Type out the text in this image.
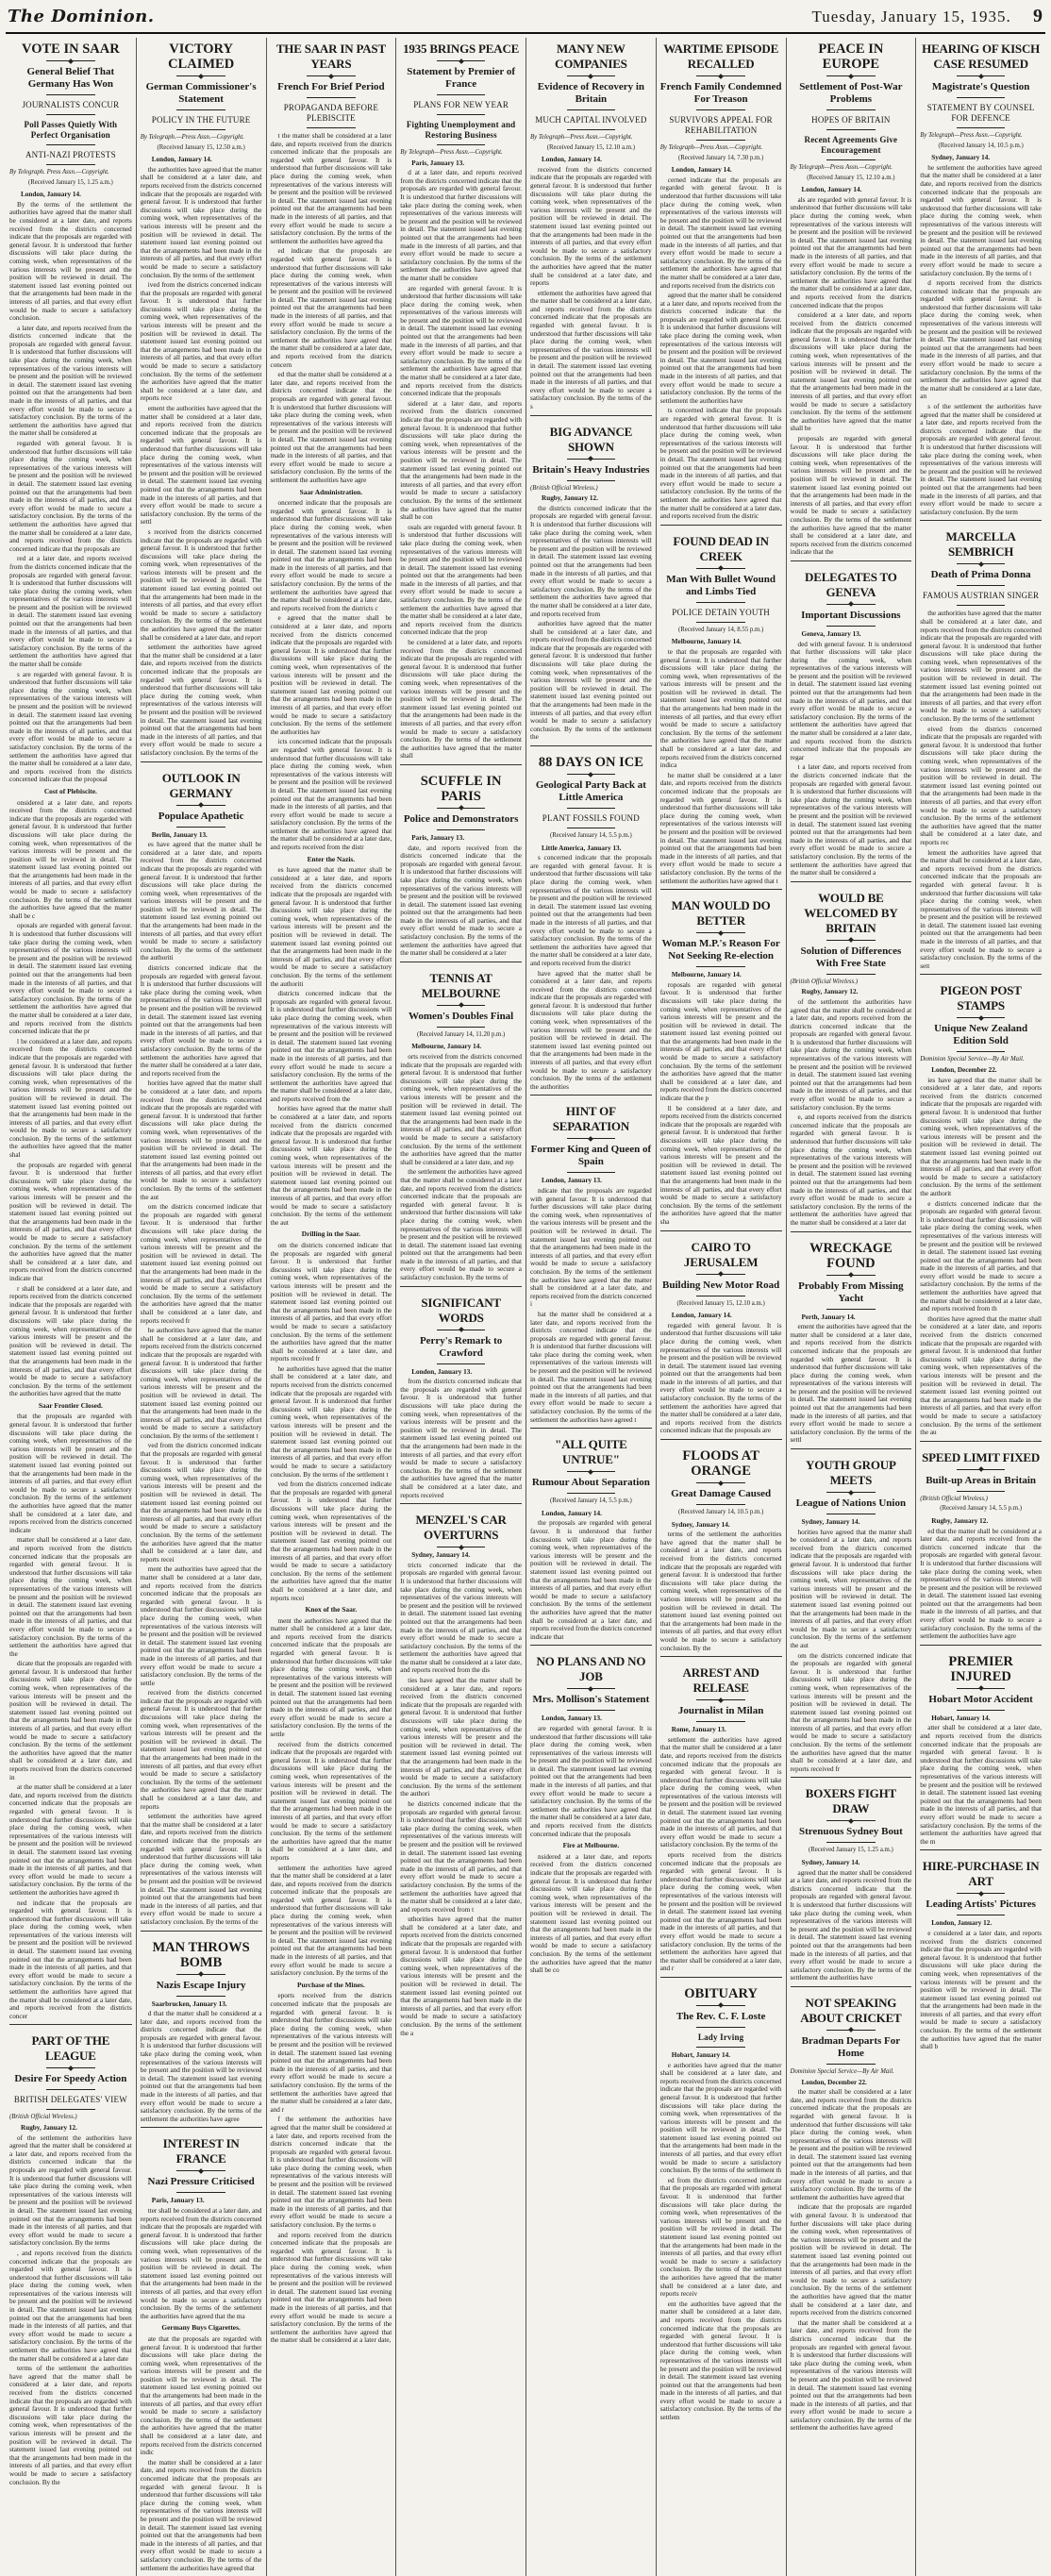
The Dominion.	Tuesday, January 15, 1935. 9
VOTE IN SAAR
General Belief That Germany Has Won
JOURNALISTS CONCUR
Poll Passes Quietly With Perfect Organisation
ANTI-NAZI PROTESTS
By Telegraph. Press Assn.—Copyright.
(Received January 15, 1.25 a.m.)
London, January 14.

By the terms of the settlement the authorities have agreed that the matter shall be considered at a later date, and reports received from the districts concerned indicate that the proposals are regarded with general favour. It is understood that further discussions will take place during the coming week, when representatives of the various interests will be present and the position will be reviewed in detail. The statement issued last evening pointed out that the arrangements had been made in the interests of all parties, and that every effort would be made to secure a satisfactory conclusion.

a later date, and reports received from the districts concerned indicate that the proposals are regarded with general favour. It is understood that further discussions will take place during the coming week, when representatives of the various interests will be present and the position will be reviewed in detail. The statement issued last evening pointed out that the arrangements had been made in the interests of all parties, and that every effort would be made to secure a satisfactory conclusion. By the terms of the settlement the authorities have agreed that the matter shall be considered at

regarded with general favour. It is understood that further discussions will take place during the coming week, when representatives of the various interests will be present and the position will be reviewed in detail. The statement issued last evening pointed out that the arrangements had been made in the interests of all parties, and that every effort would be made to secure a satisfactory conclusion. By the terms of the settlement the authorities have agreed that the matter shall be considered at a later date, and reports received from the districts concerned indicate that the proposals are

red at a later date, and reports received from the districts concerned indicate that the proposals are regarded with general favour. It is understood that further discussions will take place during the coming week, when representatives of the various interests will be present and the position will be reviewed in detail. The statement issued last evening pointed out that the arrangements had been made in the interests of all parties, and that every effort would be made to secure a satisfactory conclusion. By the terms of the settlement the authorities have agreed that the matter shall be conside

s are regarded with general favour. It is understood that further discussions will take place during the coming week, when representatives of the various interests will be present and the position will be reviewed in detail. The statement issued last evening pointed out that the arrangements had been made in the interests of all parties, and that every effort would be made to secure a satisfactory conclusion. By the terms of the settlement the authorities have agreed that the matter shall be considered at a later date, and reports received from the districts concerned indicate that the proposal

Cost of Plebiscite.

onsidered at a later date, and reports received from the districts concerned indicate that the proposals are regarded with general favour. It is understood that further discussions will take place during the coming week, when representatives of the various interests will be present and the position will be reviewed in detail. The statement issued last evening pointed out that the arrangements had been made in the interests of all parties, and that every effort would be made to secure a satisfactory conclusion. By the terms of the settlement the authorities have agreed that the matter shall be c

oposals are regarded with general favour. It is understood that further discussions will take place during the coming week, when representatives of the various interests will be present and the position will be reviewed in detail. The statement issued last evening pointed out that the arrangements had been made in the interests of all parties, and that every effort would be made to secure a satisfactory conclusion. By the terms of the settlement the authorities have agreed that the matter shall be considered at a later date, and reports received from the districts concerned indicate that the pr

l be considered at a later date, and reports received from the districts concerned indicate that the proposals are regarded with general favour. It is understood that further discussions will take place during the coming week, when representatives of the various interests will be present and the position will be reviewed in detail. The statement issued last evening pointed out that the arrangements had been made in the interests of all parties, and that every effort would be made to secure a satisfactory conclusion. By the terms of the settlement the authorities have agreed that the matter shal

the proposals are regarded with general favour. It is understood that further discussions will take place during the coming week, when representatives of the various interests will be present and the position will be reviewed in detail. The statement issued last evening pointed out that the arrangements had been made in the interests of all parties, and that every effort would be made to secure a satisfactory conclusion. By the terms of the settlement the authorities have agreed that the matter shall be considered at a later date, and reports received from the districts concerned indicate that

r shall be considered at a later date, and reports received from the districts concerned indicate that the proposals are regarded with general favour. It is understood that further discussions will take place during the coming week, when representatives of the various interests will be present and the position will be reviewed in detail. The statement issued last evening pointed out that the arrangements had been made in the interests of all parties, and that every effort would be made to secure a satisfactory conclusion. By the terms of the settlement the authorities have agreed that the matte

Saar Frontier Closed.

that the proposals are regarded with general favour. It is understood that further discussions will take place during the coming week, when representatives of the various interests will be present and the position will be reviewed in detail. The statement issued last evening pointed out that the arrangements had been made in the interests of all parties, and that every effort would be made to secure a satisfactory conclusion. By the terms of the settlement the authorities have agreed that the matter shall be considered at a later date, and reports received from the districts concerned indicate

matter shall be considered at a later date, and reports received from the districts concerned indicate that the proposals are regarded with general favour. It is understood that further discussions will take place during the coming week, when representatives of the various interests will be present and the position will be reviewed in detail. The statement issued last evening pointed out that the arrangements had been made in the interests of all parties, and that every effort would be made to secure a satisfactory conclusion. By the terms of the settlement the authorities have agreed that the

dicate that the proposals are regarded with general favour. It is understood that further discussions will take place during the coming week, when representatives of the various interests will be present and the position will be reviewed in detail. The statement issued last evening pointed out that the arrangements had been made in the interests of all parties, and that every effort would be made to secure a satisfactory conclusion. By the terms of the settlement the authorities have agreed that the matter shall be considered at a later date, and reports received from the districts concerned in

at the matter shall be considered at a later date, and reports received from the districts concerned indicate that the proposals are regarded with general favour. It is understood that further discussions will take place during the coming week, when representatives of the various interests will be present and the position will be reviewed in detail. The statement issued last evening pointed out that the arrangements had been made in the interests of all parties, and that every effort would be made to secure a satisfactory conclusion. By the terms of the settlement the authorities have agreed th

ned indicate that the proposals are regarded with general favour. It is understood that further discussions will take place during the coming week, when representatives of the various interests will be present and the position will be reviewed in detail. The statement issued last evening pointed out that the arrangements had been made in the interests of all parties, and that every effort would be made to secure a satisfactory conclusion. By the terms of the settlement the authorities have agreed that the matter shall be considered at a later date, and reports received from the districts concer

PART OF THE LEAGUE
Desire For Speedy Action
BRITISH DELEGATES' VIEW
(British Official Wireless.)
Rugby, January 12.

of the settlement the authorities have agreed that the matter shall be considered at a later date, and reports received from the districts concerned indicate that the proposals are regarded with general favour. It is understood that further discussions will take place during the coming week, when representatives of the various interests will be present and the position will be reviewed in detail. The statement issued last evening pointed out that the arrangements had been made in the interests of all parties, and that every effort would be made to secure a satisfactory conclusion. By the terms

, and reports received from the districts concerned indicate that the proposals are regarded with general favour. It is understood that further discussions will take place during the coming week, when representatives of the various interests will be present and the position will be reviewed in detail. The statement issued last evening pointed out that the arrangements had been made in the interests of all parties, and that every effort would be made to secure a satisfactory conclusion. By the terms of the settlement the authorities have agreed that the matter shall be considered at a later date

terms of the settlement the authorities have agreed that the matter shall be considered at a later date, and reports received from the districts concerned indicate that the proposals are regarded with general favour. It is understood that further discussions will take place during the coming week, when representatives of the various interests will be present and the position will be reviewed in detail. The statement issued last evening pointed out that the arrangements had been made in the interests of all parties, and that every effort would be made to secure a satisfactory conclusion. By the

VICTORY CLAIMED
German Commissioner's Statement
POLICY IN THE FUTURE
By Telegraph.—Press Assn.—Copyright.
(Received January 15, 12.50 a.m.)
London, January 14.

the authorities have agreed that the matter shall be considered at a later date, and reports received from the districts concerned indicate that the proposals are regarded with general favour. It is understood that further discussions will take place during the coming week, when representatives of the various interests will be present and the position will be reviewed in detail. The statement issued last evening pointed out that the arrangements had been made in the interests of all parties, and that every effort would be made to secure a satisfactory conclusion. By the terms of the settlement

ived from the districts concerned indicate that the proposals are regarded with general favour. It is understood that further discussions will take place during the coming week, when representatives of the various interests will be present and the position will be reviewed in detail. The statement issued last evening pointed out that the arrangements had been made in the interests of all parties, and that every effort would be made to secure a satisfactory conclusion. By the terms of the settlement the authorities have agreed that the matter shall be considered at a later date, and reports rece

ement the authorities have agreed that the matter shall be considered at a later date, and reports received from the districts concerned indicate that the proposals are regarded with general favour. It is understood that further discussions will take place during the coming week, when representatives of the various interests will be present and the position will be reviewed in detail. The statement issued last evening pointed out that the arrangements had been made in the interests of all parties, and that every effort would be made to secure a satisfactory conclusion. By the terms of the settl

s received from the districts concerned indicate that the proposals are regarded with general favour. It is understood that further discussions will take place during the coming week, when representatives of the various interests will be present and the position will be reviewed in detail. The statement issued last evening pointed out that the arrangements had been made in the interests of all parties, and that every effort would be made to secure a satisfactory conclusion. By the terms of the settlement the authorities have agreed that the matter shall be considered at a later date, and report

settlement the authorities have agreed that the matter shall be considered at a later date, and reports received from the districts concerned indicate that the proposals are regarded with general favour. It is understood that further discussions will take place during the coming week, when representatives of the various interests will be present and the position will be reviewed in detail. The statement issued last evening pointed out that the arrangements had been made in the interests of all parties, and that every effort would be made to secure a satisfactory conclusion. By the terms of the

OUTLOOK IN GERMANY
Populace Apathetic
Berlin, January 13.

es have agreed that the matter shall be considered at a later date, and reports received from the districts concerned indicate that the proposals are regarded with general favour. It is understood that further discussions will take place during the coming week, when representatives of the various interests will be present and the position will be reviewed in detail. The statement issued last evening pointed out that the arrangements had been made in the interests of all parties, and that every effort would be made to secure a satisfactory conclusion. By the terms of the settlement the authoriti

districts concerned indicate that the proposals are regarded with general favour. It is understood that further discussions will take place during the coming week, when representatives of the various interests will be present and the position will be reviewed in detail. The statement issued last evening pointed out that the arrangements had been made in the interests of all parties, and that every effort would be made to secure a satisfactory conclusion. By the terms of the settlement the authorities have agreed that the matter shall be considered at a later date, and reports received from the

horities have agreed that the matter shall be considered at a later date, and reports received from the districts concerned indicate that the proposals are regarded with general favour. It is understood that further discussions will take place during the coming week, when representatives of the various interests will be present and the position will be reviewed in detail. The statement issued last evening pointed out that the arrangements had been made in the interests of all parties, and that every effort would be made to secure a satisfactory conclusion. By the terms of the settlement the aut

om the districts concerned indicate that the proposals are regarded with general favour. It is understood that further discussions will take place during the coming week, when representatives of the various interests will be present and the position will be reviewed in detail. The statement issued last evening pointed out that the arrangements had been made in the interests of all parties, and that every effort would be made to secure a satisfactory conclusion. By the terms of the settlement the authorities have agreed that the matter shall be considered at a later date, and reports received fr

he authorities have agreed that the matter shall be considered at a later date, and reports received from the districts concerned indicate that the proposals are regarded with general favour. It is understood that further discussions will take place during the coming week, when representatives of the various interests will be present and the position will be reviewed in detail. The statement issued last evening pointed out that the arrangements had been made in the interests of all parties, and that every effort would be made to secure a satisfactory conclusion. By the terms of the settlement t

ved from the districts concerned indicate that the proposals are regarded with general favour. It is understood that further discussions will take place during the coming week, when representatives of the various interests will be present and the position will be reviewed in detail. The statement issued last evening pointed out that the arrangements had been made in the interests of all parties, and that every effort would be made to secure a satisfactory conclusion. By the terms of the settlement the authorities have agreed that the matter shall be considered at a later date, and reports recei

ment the authorities have agreed that the matter shall be considered at a later date, and reports received from the districts concerned indicate that the proposals are regarded with general favour. It is understood that further discussions will take place during the coming week, when representatives of the various interests will be present and the position will be reviewed in detail. The statement issued last evening pointed out that the arrangements had been made in the interests of all parties, and that every effort would be made to secure a satisfactory conclusion. By the terms of the settle

received from the districts concerned indicate that the proposals are regarded with general favour. It is understood that further discussions will take place during the coming week, when representatives of the various interests will be present and the position will be reviewed in detail. The statement issued last evening pointed out that the arrangements had been made in the interests of all parties, and that every effort would be made to secure a satisfactory conclusion. By the terms of the settlement the authorities have agreed that the matter shall be considered at a later date, and reports

settlement the authorities have agreed that the matter shall be considered at a later date, and reports received from the districts concerned indicate that the proposals are regarded with general favour. It is understood that further discussions will take place during the coming week, when representatives of the various interests will be present and the position will be reviewed in detail. The statement issued last evening pointed out that the arrangements had been made in the interests of all parties, and that every effort would be made to secure a satisfactory conclusion. By the terms of the

MAN THROWS BOMB
Nazis Escape Injury
Saarbrucken, January 13.

d that the matter shall be considered at a later date, and reports received from the districts concerned indicate that the proposals are regarded with general favour. It is understood that further discussions will take place during the coming week, when representatives of the various interests will be present and the position will be reviewed in detail. The statement issued last evening pointed out that the arrangements had been made in the interests of all parties, and that every effort would be made to secure a satisfactory conclusion. By the terms of the settlement the authorities have agree

INTEREST IN FRANCE
Nazi Pressure Criticised
Paris, January 13.

tter shall be considered at a later date, and reports received from the districts concerned indicate that the proposals are regarded with general favour. It is understood that further discussions will take place during the coming week, when representatives of the various interests will be present and the position will be reviewed in detail. The statement issued last evening pointed out that the arrangements had been made in the interests of all parties, and that every effort would be made to secure a satisfactory conclusion. By the terms of the settlement the authorities have agreed that the ma

Germany Buys Cigarettes.

ate that the proposals are regarded with general favour. It is understood that further discussions will take place during the coming week, when representatives of the various interests will be present and the position will be reviewed in detail. The statement issued last evening pointed out that the arrangements had been made in the interests of all parties, and that every effort would be made to secure a satisfactory conclusion. By the terms of the settlement the authorities have agreed that the matter shall be considered at a later date, and reports received from the districts concerned indic

the matter shall be considered at a later date, and reports received from the districts concerned indicate that the proposals are regarded with general favour. It is understood that further discussions will take place during the coming week, when representatives of the various interests will be present and the position will be reviewed in detail. The statement issued last evening pointed out that the arrangements had been made in the interests of all parties, and that every effort would be made to secure a satisfactory conclusion. By the terms of the settlement the authorities have agreed that

THE SAAR IN PAST YEARS
French For Brief Period
PROPAGANDA BEFORE PLEBISCITE

t the matter shall be considered at a later date, and reports received from the districts concerned indicate that the proposals are regarded with general favour. It is understood that further discussions will take place during the coming week, when representatives of the various interests will be present and the position will be reviewed in detail. The statement issued last evening pointed out that the arrangements had been made in the interests of all parties, and that every effort would be made to secure a satisfactory conclusion. By the terms of the settlement the authorities have agreed tha

ed indicate that the proposals are regarded with general favour. It is understood that further discussions will take place during the coming week, when representatives of the various interests will be present and the position will be reviewed in detail. The statement issued last evening pointed out that the arrangements had been made in the interests of all parties, and that every effort would be made to secure a satisfactory conclusion. By the terms of the settlement the authorities have agreed that the matter shall be considered at a later date, and reports received from the districts concern

ed that the matter shall be considered at a later date, and reports received from the districts concerned indicate that the proposals are regarded with general favour. It is understood that further discussions will take place during the coming week, when representatives of the various interests will be present and the position will be reviewed in detail. The statement issued last evening pointed out that the arrangements had been made in the interests of all parties, and that every effort would be made to secure a satisfactory conclusion. By the terms of the settlement the authorities have agre

Saar Administration.

oncerned indicate that the proposals are regarded with general favour. It is understood that further discussions will take place during the coming week, when representatives of the various interests will be present and the position will be reviewed in detail. The statement issued last evening pointed out that the arrangements had been made in the interests of all parties, and that every effort would be made to secure a satisfactory conclusion. By the terms of the settlement the authorities have agreed that the matter shall be considered at a later date, and reports received from the districts c

e agreed that the matter shall be considered at a later date, and reports received from the districts concerned indicate that the proposals are regarded with general favour. It is understood that further discussions will take place during the coming week, when representatives of the various interests will be present and the position will be reviewed in detail. The statement issued last evening pointed out that the arrangements had been made in the interests of all parties, and that every effort would be made to secure a satisfactory conclusion. By the terms of the settlement the authorities hav

icts concerned indicate that the proposals are regarded with general favour. It is understood that further discussions will take place during the coming week, when representatives of the various interests will be present and the position will be reviewed in detail. The statement issued last evening pointed out that the arrangements had been made in the interests of all parties, and that every effort would be made to secure a satisfactory conclusion. By the terms of the settlement the authorities have agreed that the matter shall be considered at a later date, and reports received from the distr

Enter the Nazis.

es have agreed that the matter shall be considered at a later date, and reports received from the districts concerned indicate that the proposals are regarded with general favour. It is understood that further discussions will take place during the coming week, when representatives of the various interests will be present and the position will be reviewed in detail. The statement issued last evening pointed out that the arrangements had been made in the interests of all parties, and that every effort would be made to secure a satisfactory conclusion. By the terms of the settlement the authoriti

districts concerned indicate that the proposals are regarded with general favour. It is understood that further discussions will take place during the coming week, when representatives of the various interests will be present and the position will be reviewed in detail. The statement issued last evening pointed out that the arrangements had been made in the interests of all parties, and that every effort would be made to secure a satisfactory conclusion. By the terms of the settlement the authorities have agreed that the matter shall be considered at a later date, and reports received from the

horities have agreed that the matter shall be considered at a later date, and reports received from the districts concerned indicate that the proposals are regarded with general favour. It is understood that further discussions will take place during the coming week, when representatives of the various interests will be present and the position will be reviewed in detail. The statement issued last evening pointed out that the arrangements had been made in the interests of all parties, and that every effort would be made to secure a satisfactory conclusion. By the terms of the settlement the aut

Drilling in the Saar.

om the districts concerned indicate that the proposals are regarded with general favour. It is understood that further discussions will take place during the coming week, when representatives of the various interests will be present and the position will be reviewed in detail. The statement issued last evening pointed out that the arrangements had been made in the interests of all parties, and that every effort would be made to secure a satisfactory conclusion. By the terms of the settlement the authorities have agreed that the matter shall be considered at a later date, and reports received fr

he authorities have agreed that the matter shall be considered at a later date, and reports received from the districts concerned indicate that the proposals are regarded with general favour. It is understood that further discussions will take place during the coming week, when representatives of the various interests will be present and the position will be reviewed in detail. The statement issued last evening pointed out that the arrangements had been made in the interests of all parties, and that every effort would be made to secure a satisfactory conclusion. By the terms of the settlement t

ved from the districts concerned indicate that the proposals are regarded with general favour. It is understood that further discussions will take place during the coming week, when representatives of the various interests will be present and the position will be reviewed in detail. The statement issued last evening pointed out that the arrangements had been made in the interests of all parties, and that every effort would be made to secure a satisfactory conclusion. By the terms of the settlement the authorities have agreed that the matter shall be considered at a later date, and reports recei

Knox of the Saar.

ment the authorities have agreed that the matter shall be considered at a later date, and reports received from the districts concerned indicate that the proposals are regarded with general favour. It is understood that further discussions will take place during the coming week, when representatives of the various interests will be present and the position will be reviewed in detail. The statement issued last evening pointed out that the arrangements had been made in the interests of all parties, and that every effort would be made to secure a satisfactory conclusion. By the terms of the settle

received from the districts concerned indicate that the proposals are regarded with general favour. It is understood that further discussions will take place during the coming week, when representatives of the various interests will be present and the position will be reviewed in detail. The statement issued last evening pointed out that the arrangements had been made in the interests of all parties, and that every effort would be made to secure a satisfactory conclusion. By the terms of the settlement the authorities have agreed that the matter shall be considered at a later date, and reports

settlement the authorities have agreed that the matter shall be considered at a later date, and reports received from the districts concerned indicate that the proposals are regarded with general favour. It is understood that further discussions will take place during the coming week, when representatives of the various interests will be present and the position will be reviewed in detail. The statement issued last evening pointed out that the arrangements had been made in the interests of all parties, and that every effort would be made to secure a satisfactory conclusion. By the terms of the

Purchase of the Mines.

eports received from the districts concerned indicate that the proposals are regarded with general favour. It is understood that further discussions will take place during the coming week, when representatives of the various interests will be present and the position will be reviewed in detail. The statement issued last evening pointed out that the arrangements had been made in the interests of all parties, and that every effort would be made to secure a satisfactory conclusion. By the terms of the settlement the authorities have agreed that the matter shall be considered at a later date, and r

f the settlement the authorities have agreed that the matter shall be considered at a later date, and reports received from the districts concerned indicate that the proposals are regarded with general favour. It is understood that further discussions will take place during the coming week, when representatives of the various interests will be present and the position will be reviewed in detail. The statement issued last evening pointed out that the arrangements had been made in the interests of all parties, and that every effort would be made to secure a satisfactory conclusion. By the terms o

and reports received from the districts concerned indicate that the proposals are regarded with general favour. It is understood that further discussions will take place during the coming week, when representatives of the various interests will be present and the position will be reviewed in detail. The statement issued last evening pointed out that the arrangements had been made in the interests of all parties, and that every effort would be made to secure a satisfactory conclusion. By the terms of the settlement the authorities have agreed that the matter shall be considered at a later date,

1935 BRINGS PEACE
Statement by Premier of France
PLANS FOR NEW YEAR
Fighting Unemployment and Restoring Business
By Telegraph—Press Assn.—Copyright.
Paris, January 13.

d at a later date, and reports received from the districts concerned indicate that the proposals are regarded with general favour. It is understood that further discussions will take place during the coming week, when representatives of the various interests will be present and the position will be reviewed in detail. The statement issued last evening pointed out that the arrangements had been made in the interests of all parties, and that every effort would be made to secure a satisfactory conclusion. By the terms of the settlement the authorities have agreed that the matter shall be considere

are regarded with general favour. It is understood that further discussions will take place during the coming week, when representatives of the various interests will be present and the position will be reviewed in detail. The statement issued last evening pointed out that the arrangements had been made in the interests of all parties, and that every effort would be made to secure a satisfactory conclusion. By the terms of the settlement the authorities have agreed that the matter shall be considered at a later date, and reports received from the districts concerned indicate that the proposals

sidered at a later date, and reports received from the districts concerned indicate that the proposals are regarded with general favour. It is understood that further discussions will take place during the coming week, when representatives of the various interests will be present and the position will be reviewed in detail. The statement issued last evening pointed out that the arrangements had been made in the interests of all parties, and that every effort would be made to secure a satisfactory conclusion. By the terms of the settlement the authorities have agreed that the matter shall be con

osals are regarded with general favour. It is understood that further discussions will take place during the coming week, when representatives of the various interests will be present and the position will be reviewed in detail. The statement issued last evening pointed out that the arrangements had been made in the interests of all parties, and that every effort would be made to secure a satisfactory conclusion. By the terms of the settlement the authorities have agreed that the matter shall be considered at a later date, and reports received from the districts concerned indicate that the prop

be considered at a later date, and reports received from the districts concerned indicate that the proposals are regarded with general favour. It is understood that further discussions will take place during the coming week, when representatives of the various interests will be present and the position will be reviewed in detail. The statement issued last evening pointed out that the arrangements had been made in the interests of all parties, and that every effort would be made to secure a satisfactory conclusion. By the terms of the settlement the authorities have agreed that the matter shall

SCUFFLE IN PARIS
Police and Demonstrators
Paris, January 13.

date, and reports received from the districts concerned indicate that the proposals are regarded with general favour. It is understood that further discussions will take place during the coming week, when representatives of the various interests will be present and the position will be reviewed in detail. The statement issued last evening pointed out that the arrangements had been made in the interests of all parties, and that every effort would be made to secure a satisfactory conclusion. By the terms of the settlement the authorities have agreed that the matter shall be considered at a later

TENNIS AT MELBOURNE
Women's Doubles Final
(Received January 14, 11.20 p.m.)
Melbourne, January 14.

orts received from the districts concerned indicate that the proposals are regarded with general favour. It is understood that further discussions will take place during the coming week, when representatives of the various interests will be present and the position will be reviewed in detail. The statement issued last evening pointed out that the arrangements had been made in the interests of all parties, and that every effort would be made to secure a satisfactory conclusion. By the terms of the settlement the authorities have agreed that the matter shall be considered at a later date, and rep

the settlement the authorities have agreed that the matter shall be considered at a later date, and reports received from the districts concerned indicate that the proposals are regarded with general favour. It is understood that further discussions will take place during the coming week, when representatives of the various interests will be present and the position will be reviewed in detail. The statement issued last evening pointed out that the arrangements had been made in the interests of all parties, and that every effort would be made to secure a satisfactory conclusion. By the terms of

SIGNIFICANT WORDS
Perry's Remark to Crawford
London, January 13.

from the districts concerned indicate that the proposals are regarded with general favour. It is understood that further discussions will take place during the coming week, when representatives of the various interests will be present and the position will be reviewed in detail. The statement issued last evening pointed out that the arrangements had been made in the interests of all parties, and that every effort would be made to secure a satisfactory conclusion. By the terms of the settlement the authorities have agreed that the matter shall be considered at a later date, and reports received

MENZEL'S CAR OVERTURNS
Sydney, January 14.

tricts concerned indicate that the proposals are regarded with general favour. It is understood that further discussions will take place during the coming week, when representatives of the various interests will be present and the position will be reviewed in detail. The statement issued last evening pointed out that the arrangements had been made in the interests of all parties, and that every effort would be made to secure a satisfactory conclusion. By the terms of the settlement the authorities have agreed that the matter shall be considered at a later date, and reports received from the dis

ties have agreed that the matter shall be considered at a later date, and reports received from the districts concerned indicate that the proposals are regarded with general favour. It is understood that further discussions will take place during the coming week, when representatives of the various interests will be present and the position will be reviewed in detail. The statement issued last evening pointed out that the arrangements had been made in the interests of all parties, and that every effort would be made to secure a satisfactory conclusion. By the terms of the settlement the authori

he districts concerned indicate that the proposals are regarded with general favour. It is understood that further discussions will take place during the coming week, when representatives of the various interests will be present and the position will be reviewed in detail. The statement issued last evening pointed out that the arrangements had been made in the interests of all parties, and that every effort would be made to secure a satisfactory conclusion. By the terms of the settlement the authorities have agreed that the matter shall be considered at a later date, and reports received from t

uthorities have agreed that the matter shall be considered at a later date, and reports received from the districts concerned indicate that the proposals are regarded with general favour. It is understood that further discussions will take place during the coming week, when representatives of the various interests will be present and the position will be reviewed in detail. The statement issued last evening pointed out that the arrangements had been made in the interests of all parties, and that every effort would be made to secure a satisfactory conclusion. By the terms of the settlement the a

MANY NEW COMPANIES
Evidence of Recovery in Britain
MUCH CAPITAL INVOLVED
By Telegraph—Press Assn.—Copyright.
(Received January 15, 12.10 a.m.)
London, January 14.

received from the districts concerned indicate that the proposals are regarded with general favour. It is understood that further discussions will take place during the coming week, when representatives of the various interests will be present and the position will be reviewed in detail. The statement issued last evening pointed out that the arrangements had been made in the interests of all parties, and that every effort would be made to secure a satisfactory conclusion. By the terms of the settlement the authorities have agreed that the matter shall be considered at a later date, and reports

ettlement the authorities have agreed that the matter shall be considered at a later date, and reports received from the districts concerned indicate that the proposals are regarded with general favour. It is understood that further discussions will take place during the coming week, when representatives of the various interests will be present and the position will be reviewed in detail. The statement issued last evening pointed out that the arrangements had been made in the interests of all parties, and that every effort would be made to secure a satisfactory conclusion. By the terms of the s

BIG ADVANCE SHOWN
Britain's Heavy Industries
(British Official Wireless.)
Rugby, January 12.

the districts concerned indicate that the proposals are regarded with general favour. It is understood that further discussions will take place during the coming week, when representatives of the various interests will be present and the position will be reviewed in detail. The statement issued last evening pointed out that the arrangements had been made in the interests of all parties, and that every effort would be made to secure a satisfactory conclusion. By the terms of the settlement the authorities have agreed that the matter shall be considered at a later date, and reports received from

authorities have agreed that the matter shall be considered at a later date, and reports received from the districts concerned indicate that the proposals are regarded with general favour. It is understood that further discussions will take place during the coming week, when representatives of the various interests will be present and the position will be reviewed in detail. The statement issued last evening pointed out that the arrangements had been made in the interests of all parties, and that every effort would be made to secure a satisfactory conclusion. By the terms of the settlement the

88 DAYS ON ICE
Geological Party Back at Little America
PLANT FOSSILS FOUND
(Received January 14, 5.5 p.m.)
Little America, January 13.

s concerned indicate that the proposals are regarded with general favour. It is understood that further discussions will take place during the coming week, when representatives of the various interests will be present and the position will be reviewed in detail. The statement issued last evening pointed out that the arrangements had been made in the interests of all parties, and that every effort would be made to secure a satisfactory conclusion. By the terms of the settlement the authorities have agreed that the matter shall be considered at a later date, and reports received from the district

have agreed that the matter shall be considered at a later date, and reports received from the districts concerned indicate that the proposals are regarded with general favour. It is understood that further discussions will take place during the coming week, when representatives of the various interests will be present and the position will be reviewed in detail. The statement issued last evening pointed out that the arrangements had been made in the interests of all parties, and that every effort would be made to secure a satisfactory conclusion. By the terms of the settlement the authorities

HINT OF SEPARATION
Former King and Queen of Spain
London, January 13.

ndicate that the proposals are regarded with general favour. It is understood that further discussions will take place during the coming week, when representatives of the various interests will be present and the position will be reviewed in detail. The statement issued last evening pointed out that the arrangements had been made in the interests of all parties, and that every effort would be made to secure a satisfactory conclusion. By the terms of the settlement the authorities have agreed that the matter shall be considered at a later date, and reports received from the districts concerned i

hat the matter shall be considered at a later date, and reports received from the districts concerned indicate that the proposals are regarded with general favour. It is understood that further discussions will take place during the coming week, when representatives of the various interests will be present and the position will be reviewed in detail. The statement issued last evening pointed out that the arrangements had been made in the interests of all parties, and that every effort would be made to secure a satisfactory conclusion. By the terms of the settlement the authorities have agreed t

"ALL QUITE UNTRUE"
Rumour About Separation
(Received January 14, 5.5 p.m.)
London, January 14.

the proposals are regarded with general favour. It is understood that further discussions will take place during the coming week, when representatives of the various interests will be present and the position will be reviewed in detail. The statement issued last evening pointed out that the arrangements had been made in the interests of all parties, and that every effort would be made to secure a satisfactory conclusion. By the terms of the settlement the authorities have agreed that the matter shall be considered at a later date, and reports received from the districts concerned indicate that

NO PLANS AND NO JOB
Mrs. Mollison's Statement
London, January 13.

are regarded with general favour. It is understood that further discussions will take place during the coming week, when representatives of the various interests will be present and the position will be reviewed in detail. The statement issued last evening pointed out that the arrangements had been made in the interests of all parties, and that every effort would be made to secure a satisfactory conclusion. By the terms of the settlement the authorities have agreed that the matter shall be considered at a later date, and reports received from the districts concerned indicate that the proposals

Fire at Melbourne.

nsidered at a later date, and reports received from the districts concerned indicate that the proposals are regarded with general favour. It is understood that further discussions will take place during the coming week, when representatives of the various interests will be present and the position will be reviewed in detail. The statement issued last evening pointed out that the arrangements had been made in the interests of all parties, and that every effort would be made to secure a satisfactory conclusion. By the terms of the settlement the authorities have agreed that the matter shall be co

WARTIME EPISODE RECALLED
French Family Condemned For Treason
SURVIVORS APPEAL FOR REHABILITATION
By Telegraph—Press Assn.—Copyright.
(Received January 14, 7.30 p.m.)
London, January 14.

cerned indicate that the proposals are regarded with general favour. It is understood that further discussions will take place during the coming week, when representatives of the various interests will be present and the position will be reviewed in detail. The statement issued last evening pointed out that the arrangements had been made in the interests of all parties, and that every effort would be made to secure a satisfactory conclusion. By the terms of the settlement the authorities have agreed that the matter shall be considered at a later date, and reports received from the districts con

agreed that the matter shall be considered at a later date, and reports received from the districts concerned indicate that the proposals are regarded with general favour. It is understood that further discussions will take place during the coming week, when representatives of the various interests will be present and the position will be reviewed in detail. The statement issued last evening pointed out that the arrangements had been made in the interests of all parties, and that every effort would be made to secure a satisfactory conclusion. By the terms of the settlement the authorities have

ts concerned indicate that the proposals are regarded with general favour. It is understood that further discussions will take place during the coming week, when representatives of the various interests will be present and the position will be reviewed in detail. The statement issued last evening pointed out that the arrangements had been made in the interests of all parties, and that every effort would be made to secure a satisfactory conclusion. By the terms of the settlement the authorities have agreed that the matter shall be considered at a later date, and reports received from the distric

FOUND DEAD IN CREEK
Man With Bullet Wound and Limbs Tied
POLICE DETAIN YOUTH
(Received January 14, 8.55 p.m.)
Melbourne, January 14.

te that the proposals are regarded with general favour. It is understood that further discussions will take place during the coming week, when representatives of the various interests will be present and the position will be reviewed in detail. The statement issued last evening pointed out that the arrangements had been made in the interests of all parties, and that every effort would be made to secure a satisfactory conclusion. By the terms of the settlement the authorities have agreed that the matter shall be considered at a later date, and reports received from the districts concerned indica

he matter shall be considered at a later date, and reports received from the districts concerned indicate that the proposals are regarded with general favour. It is understood that further discussions will take place during the coming week, when representatives of the various interests will be present and the position will be reviewed in detail. The statement issued last evening pointed out that the arrangements had been made in the interests of all parties, and that every effort would be made to secure a satisfactory conclusion. By the terms of the settlement the authorities have agreed that t

MAN WOULD DO BETTER
Woman M.P.'s Reason For Not Seeking Re-election
Melbourne, January 14.

roposals are regarded with general favour. It is understood that further discussions will take place during the coming week, when representatives of the various interests will be present and the position will be reviewed in detail. The statement issued last evening pointed out that the arrangements had been made in the interests of all parties, and that every effort would be made to secure a satisfactory conclusion. By the terms of the settlement the authorities have agreed that the matter shall be considered at a later date, and reports received from the districts concerned indicate that the p

ll be considered at a later date, and reports received from the districts concerned indicate that the proposals are regarded with general favour. It is understood that further discussions will take place during the coming week, when representatives of the various interests will be present and the position will be reviewed in detail. The statement issued last evening pointed out that the arrangements had been made in the interests of all parties, and that every effort would be made to secure a satisfactory conclusion. By the terms of the settlement the authorities have agreed that the matter sha

CAIRO TO JERUSALEM
Building New Motor Road
(Received January 15, 12.10 a.m.)
London, January 14.

regarded with general favour. It is understood that further discussions will take place during the coming week, when representatives of the various interests will be present and the position will be reviewed in detail. The statement issued last evening pointed out that the arrangements had been made in the interests of all parties, and that every effort would be made to secure a satisfactory conclusion. By the terms of the settlement the authorities have agreed that the matter shall be considered at a later date, and reports received from the districts concerned indicate that the proposals are

FLOODS AT ORANGE
Great Damage Caused
(Received January 14, 10.5 p.m.)
Sydney, January 14.

terms of the settlement the authorities have agreed that the matter shall be considered at a later date, and reports received from the districts concerned indicate that the proposals are regarded with general favour. It is understood that further discussions will take place during the coming week, when representatives of the various interests will be present and the position will be reviewed in detail. The statement issued last evening pointed out that the arrangements had been made in the interests of all parties, and that every effort would be made to secure a satisfactory conclusion. By the

ARREST AND RELEASE
Journalist in Milan
Rome, January 13.

settlement the authorities have agreed that the matter shall be considered at a later date, and reports received from the districts concerned indicate that the proposals are regarded with general favour. It is understood that further discussions will take place during the coming week, when representatives of the various interests will be present and the position will be reviewed in detail. The statement issued last evening pointed out that the arrangements had been made in the interests of all parties, and that every effort would be made to secure a satisfactory conclusion. By the terms of the

eports received from the districts concerned indicate that the proposals are regarded with general favour. It is understood that further discussions will take place during the coming week, when representatives of the various interests will be present and the position will be reviewed in detail. The statement issued last evening pointed out that the arrangements had been made in the interests of all parties, and that every effort would be made to secure a satisfactory conclusion. By the terms of the settlement the authorities have agreed that the matter shall be considered at a later date, and r

OBITUARY
The Rev. C. F. Loste
Lady Irving
Hobart, January 14.

e authorities have agreed that the matter shall be considered at a later date, and reports received from the districts concerned indicate that the proposals are regarded with general favour. It is understood that further discussions will take place during the coming week, when representatives of the various interests will be present and the position will be reviewed in detail. The statement issued last evening pointed out that the arrangements had been made in the interests of all parties, and that every effort would be made to secure a satisfactory conclusion. By the terms of the settlement th

ed from the districts concerned indicate that the proposals are regarded with general favour. It is understood that further discussions will take place during the coming week, when representatives of the various interests will be present and the position will be reviewed in detail. The statement issued last evening pointed out that the arrangements had been made in the interests of all parties, and that every effort would be made to secure a satisfactory conclusion. By the terms of the settlement the authorities have agreed that the matter shall be considered at a later date, and reports receiv

ent the authorities have agreed that the matter shall be considered at a later date, and reports received from the districts concerned indicate that the proposals are regarded with general favour. It is understood that further discussions will take place during the coming week, when representatives of the various interests will be present and the position will be reviewed in detail. The statement issued last evening pointed out that the arrangements had been made in the interests of all parties, and that every effort would be made to secure a satisfactory conclusion. By the terms of the settlem

PEACE IN EUROPE
Settlement of Post-War Problems
HOPES OF BRITAIN
Recent Agreements Give Encouragement
By Telegraph—Press Assn.—Copyright.
(Received January 15, 12.10 a.m.)
London, January 14.

als are regarded with general favour. It is understood that further discussions will take place during the coming week, when representatives of the various interests will be present and the position will be reviewed in detail. The statement issued last evening pointed out that the arrangements had been made in the interests of all parties, and that every effort would be made to secure a satisfactory conclusion. By the terms of the settlement the authorities have agreed that the matter shall be considered at a later date, and reports received from the districts concerned indicate that the propos

considered at a later date, and reports received from the districts concerned indicate that the proposals are regarded with general favour. It is understood that further discussions will take place during the coming week, when representatives of the various interests will be present and the position will be reviewed in detail. The statement issued last evening pointed out that the arrangements had been made in the interests of all parties, and that every effort would be made to secure a satisfactory conclusion. By the terms of the settlement the authorities have agreed that the matter shall be

proposals are regarded with general favour. It is understood that further discussions will take place during the coming week, when representatives of the various interests will be present and the position will be reviewed in detail. The statement issued last evening pointed out that the arrangements had been made in the interests of all parties, and that every effort would be made to secure a satisfactory conclusion. By the terms of the settlement the authorities have agreed that the matter shall be considered at a later date, and reports received from the districts concerned indicate that the

DELEGATES TO GENEVA
Important Discussions
Geneva, January 13.

ded with general favour. It is understood that further discussions will take place during the coming week, when representatives of the various interests will be present and the position will be reviewed in detail. The statement issued last evening pointed out that the arrangements had been made in the interests of all parties, and that every effort would be made to secure a satisfactory conclusion. By the terms of the settlement the authorities have agreed that the matter shall be considered at a later date, and reports received from the districts concerned indicate that the proposals are regar

t a later date, and reports received from the districts concerned indicate that the proposals are regarded with general favour. It is understood that further discussions will take place during the coming week, when representatives of the various interests will be present and the position will be reviewed in detail. The statement issued last evening pointed out that the arrangements had been made in the interests of all parties, and that every effort would be made to secure a satisfactory conclusion. By the terms of the settlement the authorities have agreed that the matter shall be considered a

WOULD BE WELCOMED BY BRITAIN
Solution of Differences With Free State
(British Official Wireless.)
Rugby, January 12.

of the settlement the authorities have agreed that the matter shall be considered at a later date, and reports received from the districts concerned indicate that the proposals are regarded with general favour. It is understood that further discussions will take place during the coming week, when representatives of the various interests will be present and the position will be reviewed in detail. The statement issued last evening pointed out that the arrangements had been made in the interests of all parties, and that every effort would be made to secure a satisfactory conclusion. By the terms

e, and reports received from the districts concerned indicate that the proposals are regarded with general favour. It is understood that further discussions will take place during the coming week, when representatives of the various interests will be present and the position will be reviewed in detail. The statement issued last evening pointed out that the arrangements had been made in the interests of all parties, and that every effort would be made to secure a satisfactory conclusion. By the terms of the settlement the authorities have agreed that the matter shall be considered at a later dat

WRECKAGE FOUND
Probably From Missing Yacht
Perth, January 14.

ement the authorities have agreed that the matter shall be considered at a later date, and reports received from the districts concerned indicate that the proposals are regarded with general favour. It is understood that further discussions will take place during the coming week, when representatives of the various interests will be present and the position will be reviewed in detail. The statement issued last evening pointed out that the arrangements had been made in the interests of all parties, and that every effort would be made to secure a satisfactory conclusion. By the terms of the settl

YOUTH GROUP MEETS
League of Nations Union
Sydney, January 14.

horities have agreed that the matter shall be considered at a later date, and reports received from the districts concerned indicate that the proposals are regarded with general favour. It is understood that further discussions will take place during the coming week, when representatives of the various interests will be present and the position will be reviewed in detail. The statement issued last evening pointed out that the arrangements had been made in the interests of all parties, and that every effort would be made to secure a satisfactory conclusion. By the terms of the settlement the aut

om the districts concerned indicate that the proposals are regarded with general favour. It is understood that further discussions will take place during the coming week, when representatives of the various interests will be present and the position will be reviewed in detail. The statement issued last evening pointed out that the arrangements had been made in the interests of all parties, and that every effort would be made to secure a satisfactory conclusion. By the terms of the settlement the authorities have agreed that the matter shall be considered at a later date, and reports received fr

BOXERS FIGHT DRAW
Strenuous Sydney Bout
(Received January 15, 1.25 a.m.)
Sydney, January 14.

agreed that the matter shall be considered at a later date, and reports received from the districts concerned indicate that the proposals are regarded with general favour. It is understood that further discussions will take place during the coming week, when representatives of the various interests will be present and the position will be reviewed in detail. The statement issued last evening pointed out that the arrangements had been made in the interests of all parties, and that every effort would be made to secure a satisfactory conclusion. By the terms of the settlement the authorities have

NOT SPEAKING ABOUT CRICKET
Bradman Departs For Home
Dominion Special Service—By Air Mail.
London, December 22.

the matter shall be considered at a later date, and reports received from the districts concerned indicate that the proposals are regarded with general favour. It is understood that further discussions will take place during the coming week, when representatives of the various interests will be present and the position will be reviewed in detail. The statement issued last evening pointed out that the arrangements had been made in the interests of all parties, and that every effort would be made to secure a satisfactory conclusion. By the terms of the settlement the authorities have agreed that

indicate that the proposals are regarded with general favour. It is understood that further discussions will take place during the coming week, when representatives of the various interests will be present and the position will be reviewed in detail. The statement issued last evening pointed out that the arrangements had been made in the interests of all parties, and that every effort would be made to secure a satisfactory conclusion. By the terms of the settlement the authorities have agreed that the matter shall be considered at a later date, and reports received from the districts concerned

that the matter shall be considered at a later date, and reports received from the districts concerned indicate that the proposals are regarded with general favour. It is understood that further discussions will take place during the coming week, when representatives of the various interests will be present and the position will be reviewed in detail. The statement issued last evening pointed out that the arrangements had been made in the interests of all parties, and that every effort would be made to secure a satisfactory conclusion. By the terms of the settlement the authorities have agreed

HEARING OF KISCH CASE RESUMED
Magistrate's Question
STATEMENT BY COUNSEL FOR DEFENCE
By Telegraph—Press Assn.—Copyright.
(Received January 14, 10.5 p.m.)
Sydney, January 14.

he settlement the authorities have agreed that the matter shall be considered at a later date, and reports received from the districts concerned indicate that the proposals are regarded with general favour. It is understood that further discussions will take place during the coming week, when representatives of the various interests will be present and the position will be reviewed in detail. The statement issued last evening pointed out that the arrangements had been made in the interests of all parties, and that every effort would be made to secure a satisfactory conclusion. By the terms of t

d reports received from the districts concerned indicate that the proposals are regarded with general favour. It is understood that further discussions will take place during the coming week, when representatives of the various interests will be present and the position will be reviewed in detail. The statement issued last evening pointed out that the arrangements had been made in the interests of all parties, and that every effort would be made to secure a satisfactory conclusion. By the terms of the settlement the authorities have agreed that the matter shall be considered at a later date, an

s of the settlement the authorities have agreed that the matter shall be considered at a later date, and reports received from the districts concerned indicate that the proposals are regarded with general favour. It is understood that further discussions will take place during the coming week, when representatives of the various interests will be present and the position will be reviewed in detail. The statement issued last evening pointed out that the arrangements had been made in the interests of all parties, and that every effort would be made to secure a satisfactory conclusion. By the term

MARCELLA SEMBRICH
Death of Prima Donna
FAMOUS AUSTRIAN SINGER

the authorities have agreed that the matter shall be considered at a later date, and reports received from the districts concerned indicate that the proposals are regarded with general favour. It is understood that further discussions will take place during the coming week, when representatives of the various interests will be present and the position will be reviewed in detail. The statement issued last evening pointed out that the arrangements had been made in the interests of all parties, and that every effort would be made to secure a satisfactory conclusion. By the terms of the settlement

eived from the districts concerned indicate that the proposals are regarded with general favour. It is understood that further discussions will take place during the coming week, when representatives of the various interests will be present and the position will be reviewed in detail. The statement issued last evening pointed out that the arrangements had been made in the interests of all parties, and that every effort would be made to secure a satisfactory conclusion. By the terms of the settlement the authorities have agreed that the matter shall be considered at a later date, and reports rec

lement the authorities have agreed that the matter shall be considered at a later date, and reports received from the districts concerned indicate that the proposals are regarded with general favour. It is understood that further discussions will take place during the coming week, when representatives of the various interests will be present and the position will be reviewed in detail. The statement issued last evening pointed out that the arrangements had been made in the interests of all parties, and that every effort would be made to secure a satisfactory conclusion. By the terms of the sett

PIGEON POST STAMPS
Unique New Zealand Edition Sold
Dominion Special Service—By Air Mail.
London, December 22.

ies have agreed that the matter shall be considered at a later date, and reports received from the districts concerned indicate that the proposals are regarded with general favour. It is understood that further discussions will take place during the coming week, when representatives of the various interests will be present and the position will be reviewed in detail. The statement issued last evening pointed out that the arrangements had been made in the interests of all parties, and that every effort would be made to secure a satisfactory conclusion. By the terms of the settlement the authorit

e districts concerned indicate that the proposals are regarded with general favour. It is understood that further discussions will take place during the coming week, when representatives of the various interests will be present and the position will be reviewed in detail. The statement issued last evening pointed out that the arrangements had been made in the interests of all parties, and that every effort would be made to secure a satisfactory conclusion. By the terms of the settlement the authorities have agreed that the matter shall be considered at a later date, and reports received from th

thorities have agreed that the matter shall be considered at a later date, and reports received from the districts concerned indicate that the proposals are regarded with general favour. It is understood that further discussions will take place during the coming week, when representatives of the various interests will be present and the position will be reviewed in detail. The statement issued last evening pointed out that the arrangements had been made in the interests of all parties, and that every effort would be made to secure a satisfactory conclusion. By the terms of the settlement the au

SPEED LIMIT FIXED
Built-up Areas in Britain
(British Official Wireless.)
(Received January 14, 5.5 p.m.)
Rugby, January 12.

ed that the matter shall be considered at a later date, and reports received from the districts concerned indicate that the proposals are regarded with general favour. It is understood that further discussions will take place during the coming week, when representatives of the various interests will be present and the position will be reviewed in detail. The statement issued last evening pointed out that the arrangements had been made in the interests of all parties, and that every effort would be made to secure a satisfactory conclusion. By the terms of the settlement the authorities have agre

PREMIER INJURED
Hobart Motor Accident
Hobart, January 14.

atter shall be considered at a later date, and reports received from the districts concerned indicate that the proposals are regarded with general favour. It is understood that further discussions will take place during the coming week, when representatives of the various interests will be present and the position will be reviewed in detail. The statement issued last evening pointed out that the arrangements had been made in the interests of all parties, and that every effort would be made to secure a satisfactory conclusion. By the terms of the settlement the authorities have agreed that the m

HIRE-PURCHASE IN ART
Leading Artists' Pictures
London, January 12.

e considered at a later date, and reports received from the districts concerned indicate that the proposals are regarded with general favour. It is understood that further discussions will take place during the coming week, when representatives of the various interests will be present and the position will be reviewed in detail. The statement issued last evening pointed out that the arrangements had been made in the interests of all parties, and that every effort would be made to secure a satisfactory conclusion. By the terms of the settlement the authorities have agreed that the matter shall b
